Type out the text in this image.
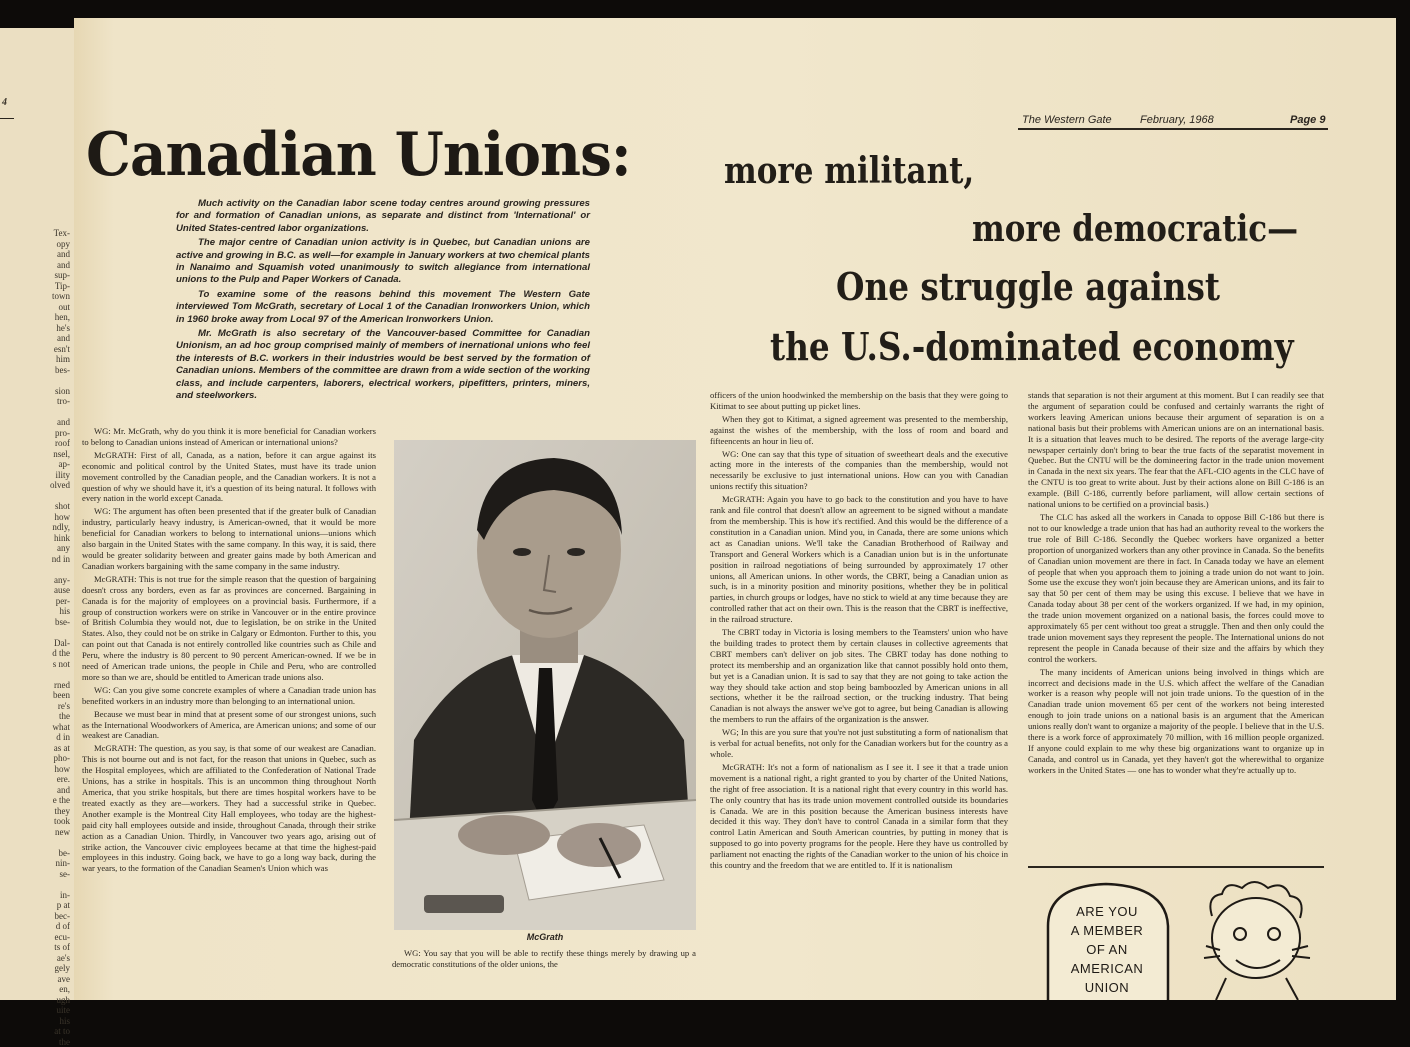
4
Tex-
opy
and
and
sup-
Tip-
town
out
hen,
he's
and
esn't
him
bes-

sion
tro-

and
pro-
roof
nsel,
ap-
ility
olved

shot
how
ndly,
hink
any
nd in

any-
ause
per-
his
bse-

Dal-
d the
s not

rned
been
re's
the
what
d in
as at
pho-
how
ere.
and
e the
they
took
new

be-
nin-
se-

in-
p at
bec-
d of
ecu-
ts of
ae's
gely
ave
en,
ugh
uite
his
at to
the
The Western Gate	February, 1968	Page 9
Canadian Unions:	more militant,
more democratic—
One struggle against
the U.S.-dominated economy

Much activity on the Canadian labor scene today centres around growing pressures for and formation of Canadian unions, as separate and distinct from 'International' or United States-centred labor organizations.

The major centre of Canadian union activity is in Quebec, but Canadian unions are active and growing in B.C. as well—for example in January workers at two chemical plants in Nanaimo and Squamish voted unanimously to switch allegiance from international unions to the Pulp and Paper Workers of Canada.

To examine some of the reasons behind this movement The Western Gate interviewed Tom McGrath, secretary of Local 1 of the Canadian Ironworkers Union, which in 1960 broke away from Local 97 of the American Ironworkers Union.

Mr. McGrath is also secretary of the Vancouver-based Committee for Canadian Unionism, an ad hoc group comprised mainly of members of inernational unions who feel the interests of B.C. workers in their industries would be best served by the formation of Canadian unions. Members of the committee are drawn from a wide section of the working class, and include carpenters, laborers, electrical workers, pipefitters, printers, miners, and steelworkers.

WG: Mr. McGrath, why do you think it is more beneficial for Canadian workers to belong to Canadian unions instead of American or international unions?

McGRATH: First of all, Canada, as a nation, before it can argue against its economic and political control by the United States, must have its trade union movement controlled by the Canadian people, and the Canadian workers. It is not a question of why we should have it, it's a question of its being natural. It follows with every nation in the world except Canada.

WG: The argument has often been presented that if the greater bulk of Canadian industry, particularly heavy industry, is American-owned, that it would be more beneficial for Canadian workers to belong to international unions—unions which also bargain in the United States with the same company. In this way, it is said, there would be greater solidarity between and greater gains made by both American and Canadian workers bargaining with the same company in the same industry.

McGRATH: This is not true for the simple reason that the question of bargaining doesn't cross any borders, even as far as provinces are concerned. Bargaining in Canada is for the majority of employees on a provincial basis. Furthermore, if a group of construction workers were on strike in Vancouver or in the entire province of British Columbia they would not, due to legislation, be on strike in the United States. Also, they could not be on strike in Calgary or Edmonton. Further to this, you can point out that Canada is not entirely controlled like countries such as Chile and Peru, where the industry is 80 percent to 90 percent American-owned. If we be in need of American trade unions, the people in Chile and Peru, who are controlled more so than we are, should be entitled to American trade unions also.

WG: Can you give some concrete examples of where a Canadian trade union has benefited workers in an industry more than belonging to an international union.

Because we must bear in mind that at present some of our strongest unions, such as the International Woodworkers of America, are American unions; and some of our weakest are Canadian.

McGRATH: The question, as you say, is that some of our weakest are Canadian. This is not bourne out and is not fact, for the reason that unions in Quebec, such as the Hospital employees, which are affiliated to the Confederation of National Trade Unions, has a strike in hospitals. This is an uncommon thing throughout North America, that you strike hospitals, but there are times hospital workers have to be treated exactly as they are—workers. They had a successful strike in Quebec. Another example is the Montreal City Hall employees, who today are the highest-paid city hall employees outside and inside, throughout Canada, through their strike action as a Canadian Union. Thirdly, in Vancouver two years ago, arising out of strike action, the Vancouver civic employees became at that time the highest-paid employees in this industry. Going back, we have to go a long way back, during the war years, to the formation of the Canadian Seamen's Union which was

McGrath

WG: You say that you will be able to rectify these things merely by drawing up a democratic constitutions of the older unions, the

officers of the union hoodwinked the membership on the basis that they were going to Kitimat to see about putting up picket lines.

When they got to Kitimat, a signed agreement was presented to the membership, against the wishes of the membership, with the loss of room and board and fifteencents an hour in lieu of.

WG: One can say that this type of situation of sweetheart deals and the executive acting more in the interests of the companies than the membership, would not necessarily be exclusive to just international unions. How can you with Canadian unions rectify this situation?

McGRATH: Again you have to go back to the constitution and you have to have rank and file control that doesn't allow an agreement to be signed without a mandate from the membership. This is how it's rectified. And this would be the difference of a constitution in a Canadian union. Mind you, in Canada, there are some unions which act as Canadian unions. We'll take the Canadian Brotherhood of Railway and Transport and General Workers which is a Canadian union but is in the unfortunate position in railroad negotiations of being surrounded by approximately 17 other unions, all American unions. In other words, the CBRT, being a Canadian union as such, is in a minority position and minority positions, whether they be in political parties, in church groups or lodges, have no stick to wield at any time because they are controlled rather that act on their own. This is the reason that the CBRT is ineffective, in the railroad structure.

The CBRT today in Victoria is losing members to the Teamsters' union who have the building trades to protect them by certain clauses in collective agreements that CBRT members can't deliver on job sites. The CBRT today has done nothing to protect its membership and an organization like that cannot possibly hold onto them, but yet is a Canadian union. It is sad to say that they are not going to take action the way they should take action and stop being bamboozled by American unions in all sections, whether it be the railroad section, or the trucking industry. That being Canadian is not always the answer we've got to agree, but being Canadian is allowing the members to run the affairs of the organization is the answer.

WG; In this are you sure that you're not just substituting a form of nationalism that is verbal for actual benefits, not only for the Canadian workers but for the country as a whole.

McGRATH: It's not a form of nationalism as I see it. I see it that a trade union movement is a national right, a right granted to you by charter of the United Nations, the right of free association. It is a national right that every country in this world has. The only country that has its trade union movement controlled outside its boundaries is Canada. We are in this position because the American business interests have decided it this way. They don't have to control Canada in a similar form that they control Latin American and South American countries, by putting in money that is supposed to go into poverty programs for the people. Here they have us controlled by parliament not enacting the rights of the Canadian worker to the union of his choice in this country and the freedom that we are entitled to. If it is nationalism

stands that separation is not their argument at this moment. But I can readily see that the argument of separation could be confused and certainly warrants the right of workers leaving American unions because their argument of separation is on a national basis but their problems with American unions are on an international basis. It is a situation that leaves much to be desired. The reports of the average large-city newspaper certainly don't bring to bear the true facts of the separatist movement in Quebec. But the CNTU will be the domineering factor in the trade union movement in Canada in the next six years. The fear that the AFL-CIO agents in the CLC have of the CNTU is too great to write about. Just by their actions alone on Bill C-186 is an example. (Bill C-186, currently before parliament, will allow certain sections of national unions to be certified on a provincial basis.)

The CLC has asked all the workers in Canada to oppose Bill C-186 but there is not to our knowledge a trade union that has had an authority reveal to the workers the true role of Bill C-186. Secondly the Quebec workers have organized a better proportion of unorganized workers than any other province in Canada. So the benefits of Canadian union movement are there in fact. In Canada today we have an element of people that when you approach them to joining a trade union do not want to join. Some use the excuse they won't join because they are American unions, and its fair to say that 50 per cent of them may be using this excuse. I believe that we have in Canada today about 38 per cent of the workers organized. If we had, in my opinion, the trade union movement organized on a national basis, the forces could move to approximately 65 per cent without too great a struggle. Then and then only could the trade union movement says they represent the people. The International unions do not represent the people in Canada because of their size and the affairs by which they control the workers.

The many incidents of American unions being involved in things which are incorrect and decisions made in the U.S. which affect the welfare of the Canadian worker is a reason why people will not join trade unions. To the question of in the Canadian trade union movement 65 per cent of the workers not being interested enough to join trade unions on a national basis is an argument that the American unions really don't want to organize a majority of the people. I believe that in the U.S. there is a work force of approximately 70 million, with 16 million people organized. If anyone could explain to me why these big organizations want to organize up in Canada, and control us in Canada, yet they haven't got the wherewithal to organize workers in the United States — one has to wonder what they're actually up to.

ARE YOU
A MEMBER
OF AN
AMERICAN
UNION
